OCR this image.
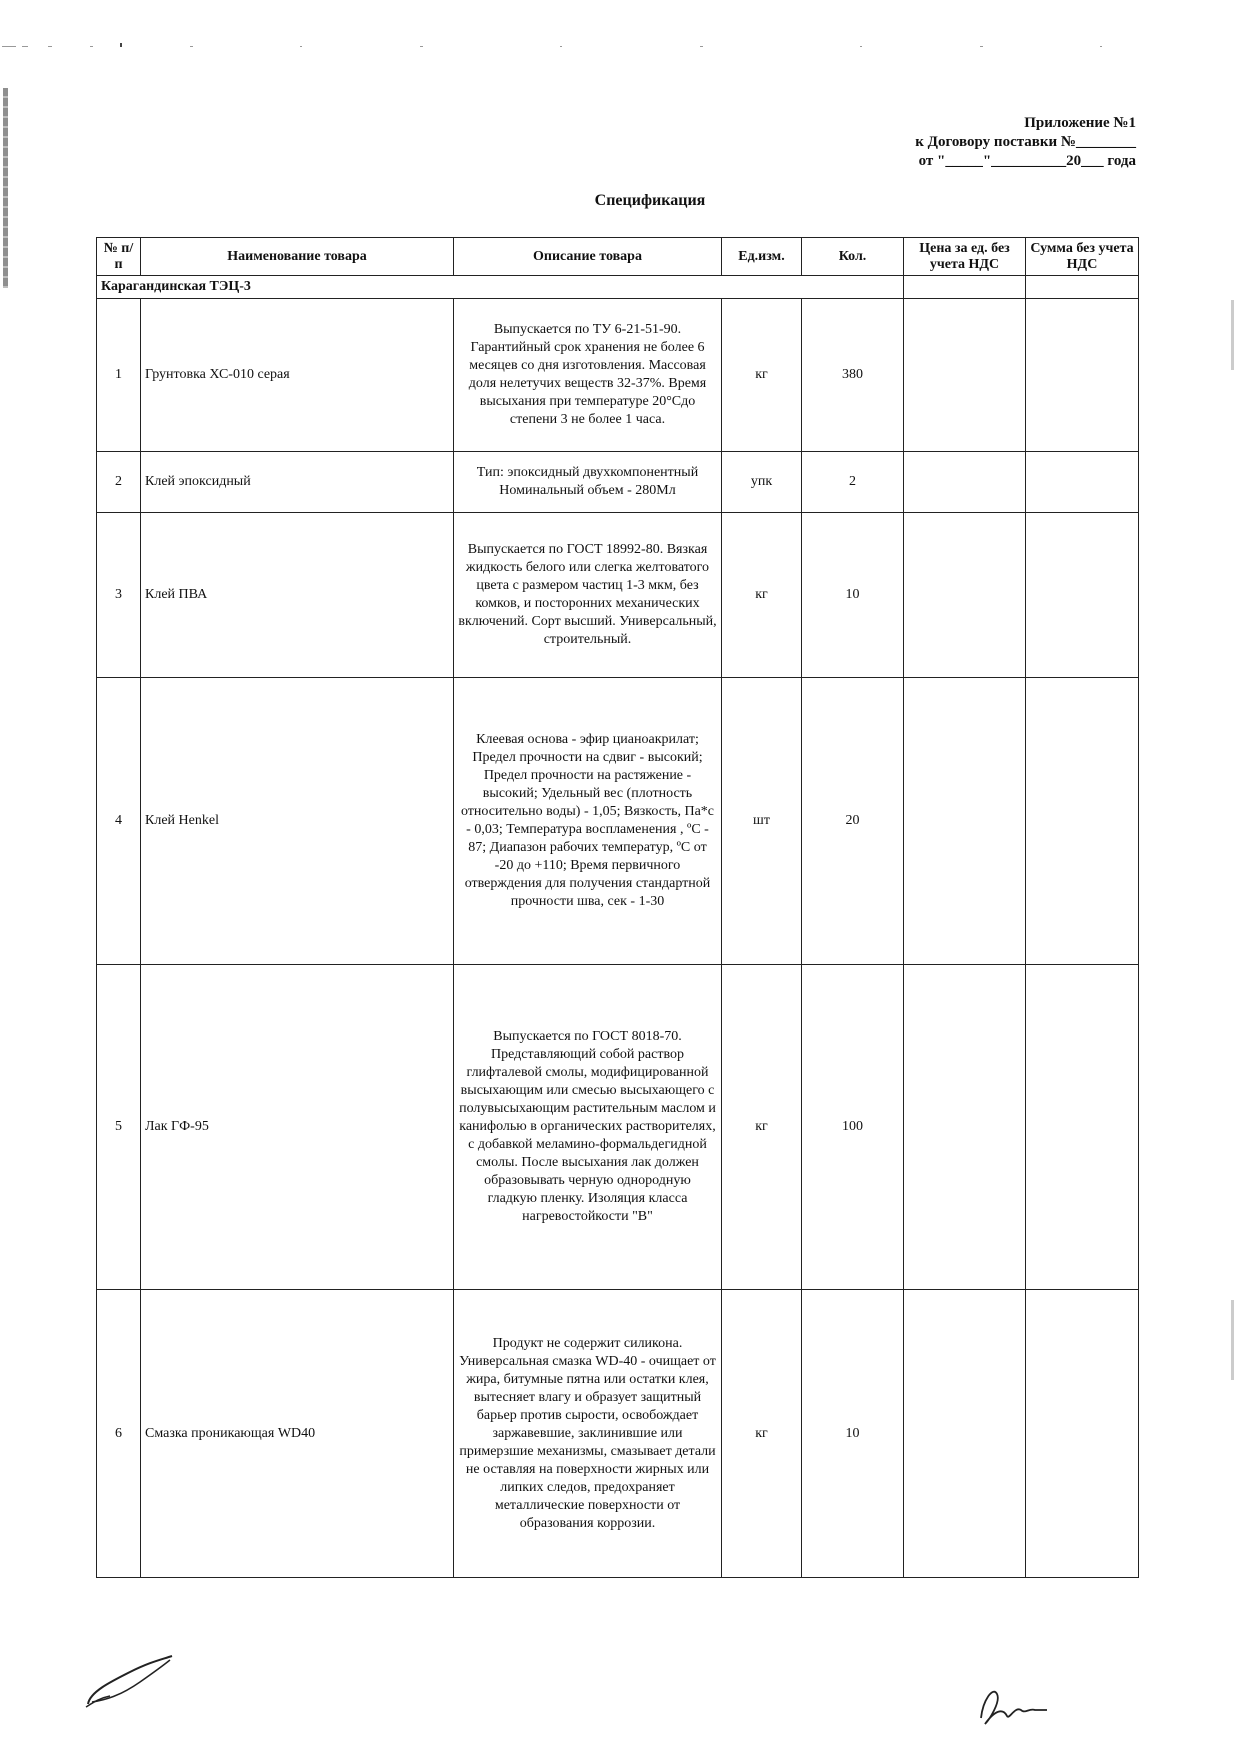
Приложение №1
к Договору поставки №________
от "_____"__________20___ года
Спецификация
№ п/п	Наименование товара	Описание товара	Ед.изм.	Кол.	Цена за ед. без учета НДС	Сумма без учета НДС
Карагандинская ТЭЦ-3						
1	Грунтовка ХС-010 серая	Выпускается по ТУ 6-21-51-90. Гарантийный срок хранения не более 6 месяцев со дня изготовления. Массовая доля нелетучих веществ 32-37%. Время высыхания при температуре 20°Сдо степени 3 не более 1 часа.	кг	380		
2	Клей эпоксидный	Тип: эпоксидный двухкомпонентный Номинальный объем - 280Мл	упк	2		
3	Клей ПВА	Выпускается по ГОСТ 18992-80. Вязкая жидкость белого или слегка желтоватого цвета с размером частиц 1-3 мкм, без комков, и посторонних механических включений. Сорт высший. Универсальный, строительный.	кг	10		
4	Клей Henkel	Клеевая основа - эфир цианоакрилат; Предел прочности на сдвиг - высокий; Предел прочности на растяжение - высокий; Удельный вес (плотность относительно воды) - 1,05; Вязкость, Па*с - 0,03; Температура воспламенения , ºС - 87; Диапазон рабочих температур, ºС от -20 до +110; Время первичного отверждения для получения стандартной прочности шва, сек - 1-30	шт	20		
5	Лак ГФ-95	Выпускается по ГОСТ 8018-70. Представляющий собой раствор глифталевой смолы, модифицированной высыхающим или смесью высыхающего с полувысыхающим растительным маслом и канифолью в органических растворителях, с добавкой меламино-формальдегидной смолы. После высыхания лак должен образовывать черную однородную гладкую пленку. Изоляция класса нагревостойкости "В"	кг	100		
6	Смазка проникающая WD40	Продукт не содержит силикона. Универсальная смазка WD-40 - очищает от жира, битумные пятна или остатки клея, вытесняет влагу и образует защитный барьер против сырости, освобождает заржавевшие, заклинившие или примерзшие механизмы, смазывает детали не оставляя на поверхности жирных или липких следов, предохраняет металлические поверхности от образования коррозии.	кг	10		
